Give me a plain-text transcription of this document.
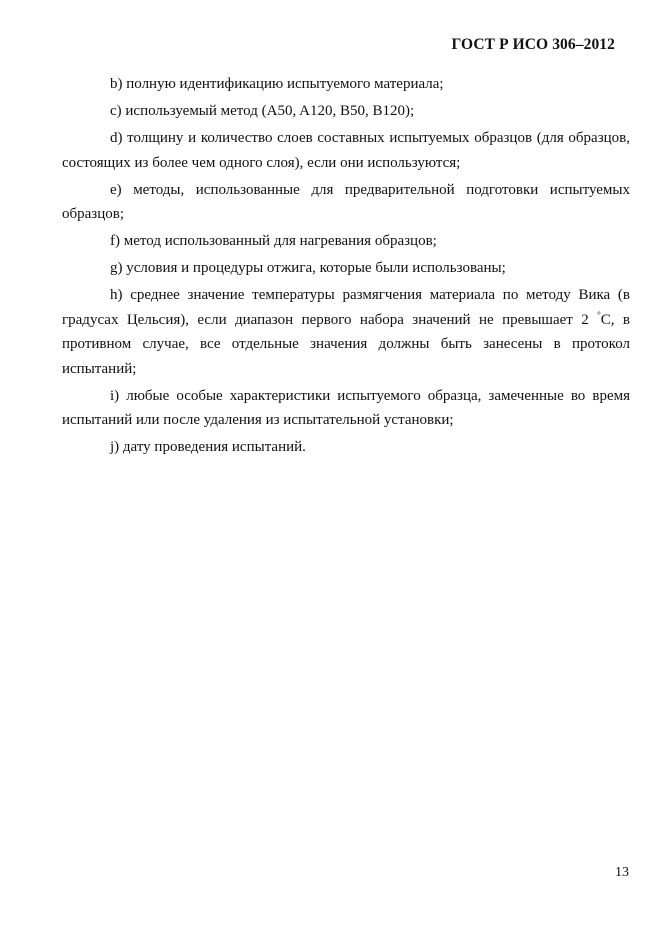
ГОСТ Р ИСО 306–2012

b) полную идентификацию испытуемого материала;

c) используемый метод (A50, A120, B50, B120);

d) толщину и количество слоев составных испытуемых образцов (для образцов, состоящих из более чем одного слоя), если они используются;

e) методы, использованные для предварительной подготовки испытуемых образцов;

f) метод использованный для нагревания образцов;

g) условия и процедуры отжига, которые были использованы;

h) среднее значение температуры размягчения материала по методу Вика (в градусах Цельсия), если диапазон первого набора значений не превышает 2 °С, в противном случае, все отдельные значения должны быть занесены в протокол испытаний;

i) любые особые характеристики испытуемого образца, замеченные во время испытаний или после удаления из испытательной установки;

j) дату проведения испытаний.

13
